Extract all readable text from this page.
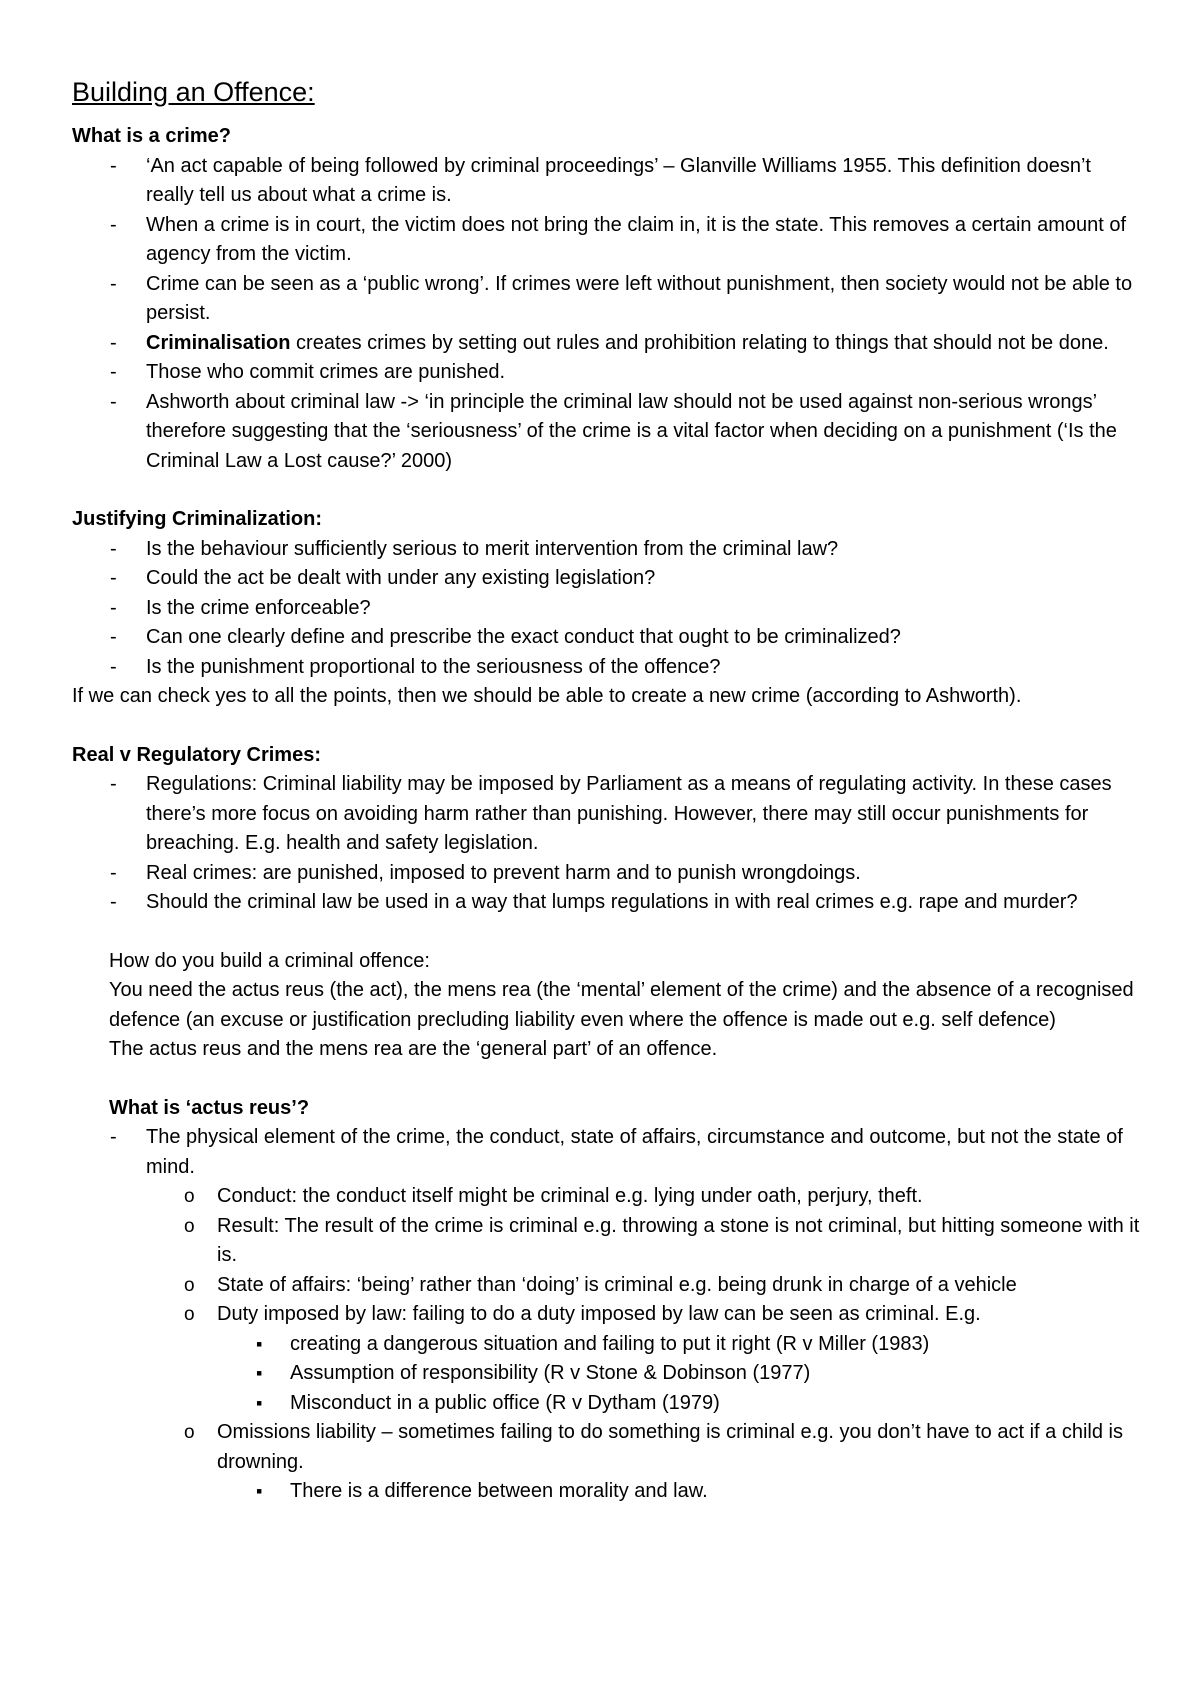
Building an Offence:

What is a crime?

- ‘An act capable of being followed by criminal proceedings’ – Glanville Williams 1955. This definition doesn’t really tell us about what a crime is.
- When a crime is in court, the victim does not bring the claim in, it is the state. This removes a certain amount of agency from the victim.
- Crime can be seen as a ‘public wrong’. If crimes were left without punishment, then society would not be able to persist.
- Criminalisation creates crimes by setting out rules and prohibition relating to things that should not be done.
- Those who commit crimes are punished.
- Ashworth about criminal law -> ‘in principle the criminal law should not be used against non-serious wrongs’ therefore suggesting that the ‘seriousness’ of the crime is a vital factor when deciding on a punishment (‘Is the Criminal Law a Lost cause?’ 2000)

Justifying Criminalization:

- Is the behaviour sufficiently serious to merit intervention from the criminal law?
- Could the act be dealt with under any existing legislation?
- Is the crime enforceable?
- Can one clearly define and prescribe the exact conduct that ought to be criminalized?
- Is the punishment proportional to the seriousness of the offence?

If we can check yes to all the points, then we should be able to create a new crime (according to Ashworth).

Real v Regulatory Crimes:

- Regulations: Criminal liability may be imposed by Parliament as a means of regulating activity. In these cases there’s more focus on avoiding harm rather than punishing. However, there may still occur punishments for breaching. E.g. health and safety legislation.
- Real crimes: are punished, imposed to prevent harm and to punish wrongdoings.
- Should the criminal law be used in a way that lumps regulations in with real crimes e.g. rape and murder?

How do you build a criminal offence:

You need the actus reus (the act), the mens rea (the ‘mental’ element of the crime) and the absence of a recognised defence (an excuse or justification precluding liability even where the offence is made out e.g. self defence)

The actus reus and the mens rea are the ‘general part’ of an offence.

What is ‘actus reus’?

- The physical element of the crime, the conduct, state of affairs, circumstance and outcome, but not the state of mind.
o Conduct: the conduct itself might be criminal e.g. lying under oath, perjury, theft.
o Result: The result of the crime is criminal e.g. throwing a stone is not criminal, but hitting someone with it is.
o State of affairs: ‘being’ rather than ‘doing’ is criminal e.g. being drunk in charge of a vehicle
o Duty imposed by law: failing to do a duty imposed by law can be seen as criminal. E.g.
▪ creating a dangerous situation and failing to put it right (R v Miller (1983)
▪ Assumption of responsibility (R v Stone & Dobinson (1977)
▪ Misconduct in a public office (R v Dytham (1979)
o Omissions liability – sometimes failing to do something is criminal e.g. you don’t have to act if a child is drowning.
▪ There is a difference between morality and law.
